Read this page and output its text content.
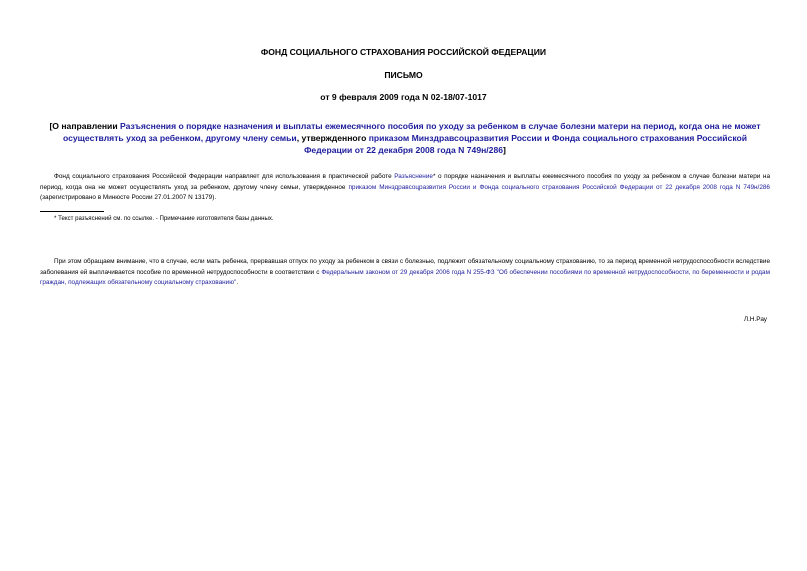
ФОНД СОЦИАЛЬНОГО СТРАХОВАНИЯ РОССИЙСКОЙ ФЕДЕРАЦИИ
ПИСЬМО
от 9 февраля 2009 года N 02-18/07-1017
[О направлении Разъяснения о порядке назначения и выплаты ежемесячного пособия по уходу за ребенком в случае болезни матери на период, когда она не может осуществлять уход за ребенком, другому члену семьи, утвержденного приказом Минздравсоцразвития России и Фонда социального страхования Российской Федерации от 22 декабря 2008 года N 749н/286]
Фонд социального страхования Российской Федерации направляет для использования в практической работе Разъяснение* о порядке назначения и выплаты ежемесячного пособия по уходу за ребенком в случае болезни матери на период, когда она не может осуществлять уход за ребенком, другому члену семьи, утвержденное приказом Минздравсоцразвития России и Фонда социального страхования Российской Федерации от 22 декабря 2008 года N 749н/286 (зарегистрировано в Минюсте России 27.01.2007 N 13179).
* Текст разъяснений см. по ссылке. - Примечание изготовителя базы данных.
При этом обращаем внимание, что в случае, если мать ребенка, прервавшая отпуск по уходу за ребенком в связи с болезнью, подлежит обязательному социальному страхованию, то за период временной нетрудоспособности вследствие заболевания ей выплачивается пособие по временной нетрудоспособности в соответствии с Федеральным законом от 29 декабря 2006 года N 255-ФЗ "Об обеспечении пособиями по временной нетрудоспособности, по беременности и родам граждан, подлежащих обязательному социальному страхованию".
Л.Н.Рау
